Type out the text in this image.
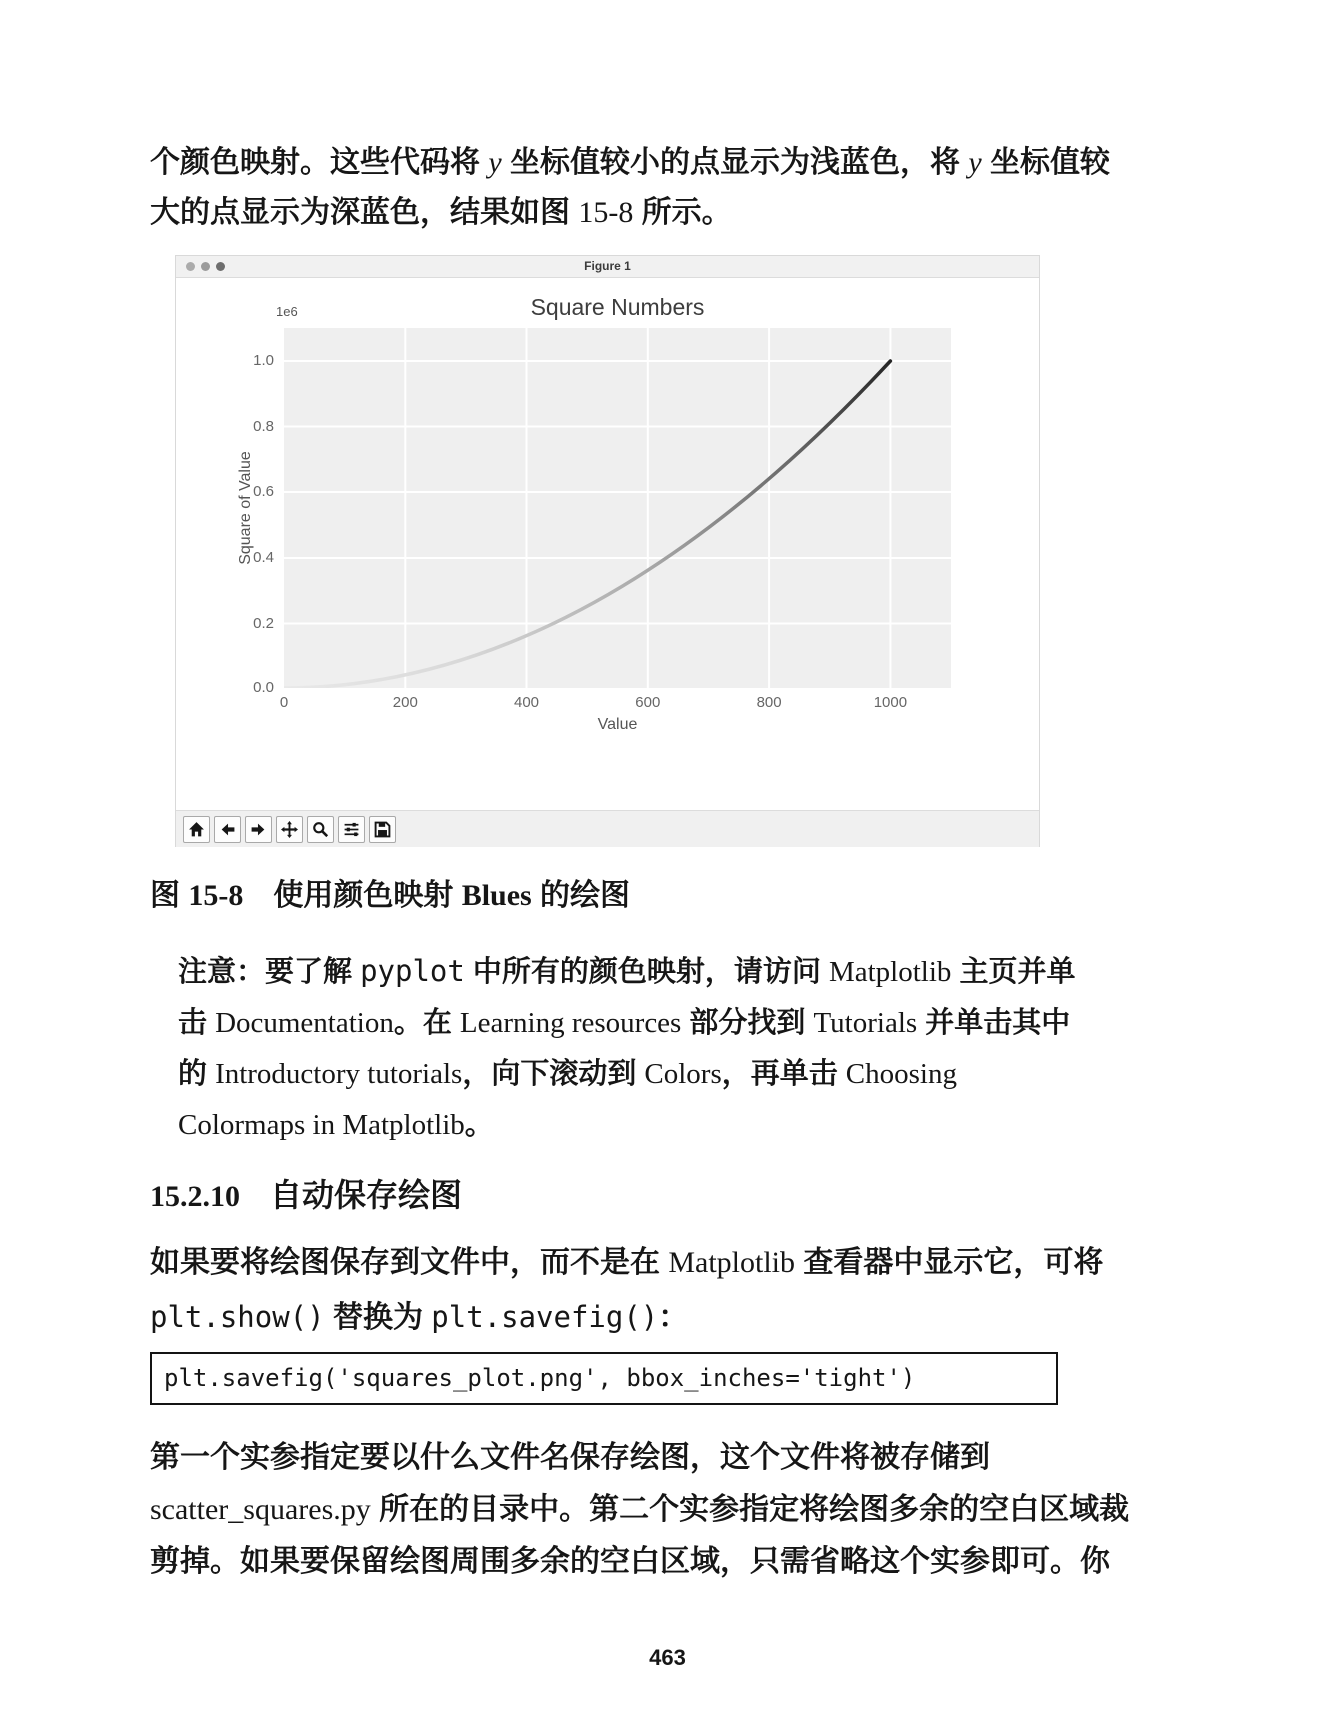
个颜色映射。这些代码将 y 坐标值较小的点显示为浅蓝色，将 y 坐标值较
大的点显示为深蓝色，结果如图 15-8 所示。
Figure 1
1e6	Square Numbers
Square of Value
1.0
0.8
0.6
0.4
0.2
0.0
0	200	400	600	800	1000
Value
图 15-8　使用颜色映射 Blues 的绘图
注意：要了解 pyplot 中所有的颜色映射，请访问 Matplotlib 主页并单
击 Documentation。在 Learning resources 部分找到 Tutorials 并单击其中
的 Introductory tutorials，向下滚动到 Colors，再单击 Choosing
Colormaps in Matplotlib。
15.2.10 自动保存绘图
如果要将绘图保存到文件中，而不是在 Matplotlib 查看器中显示它，可将
plt.show() 替换为 plt.savefig()：
plt.savefig('squares_plot.png', bbox_inches='tight')
第一个实参指定要以什么文件名保存绘图，这个文件将被存储到
scatter_squares.py 所在的目录中。第二个实参指定将绘图多余的空白区域裁
剪掉。如果要保留绘图周围多余的空白区域，只需省略这个实参即可。你
463
